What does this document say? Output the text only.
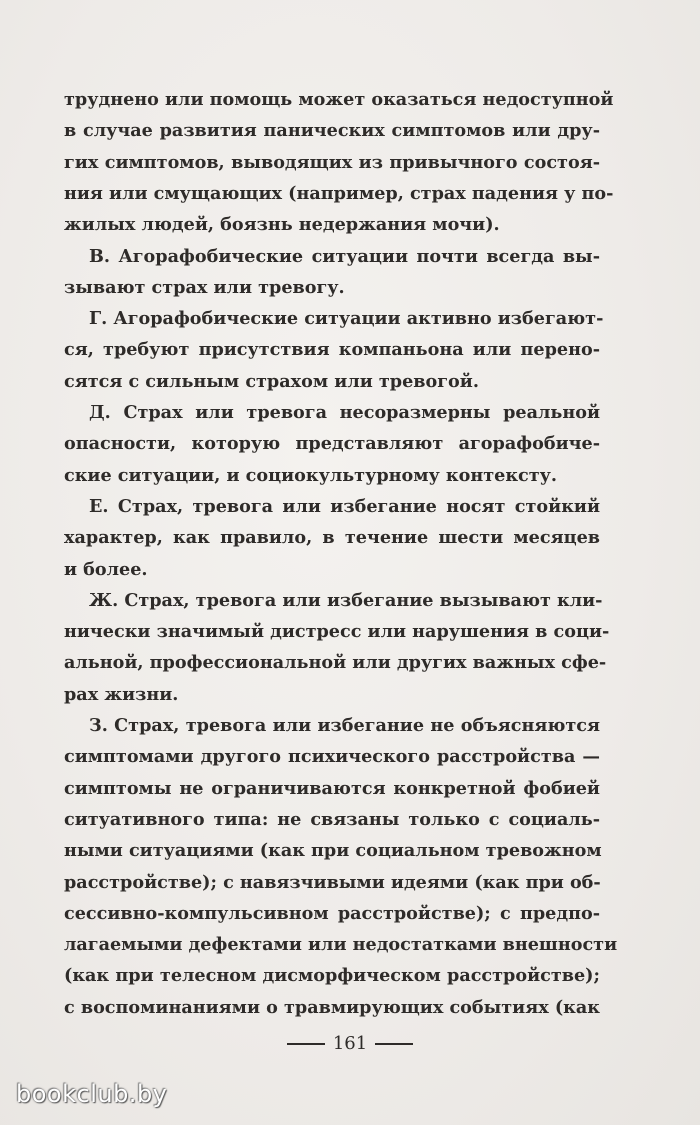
труднено или помощь может оказаться недоступной
в случае развития панических симптомов или дру-
гих симптомов, выводящих из привычного состоя-
ния или смущающих (например, страх падения у по-
жилых людей, боязнь недержания мочи).
В. Агорафобические ситуации почти всегда вы-
зывают страх или тревогу.
Г. Агорафобические ситуации активно избегают-
ся, требуют присутствия компаньона или перено-
сятся с сильным страхом или тревогой.
Д. Страх или тревога несоразмерны реальной
опасности, которую представляют агорафобиче-
ские ситуации, и социокультурному контексту.
Е. Страх, тревога или избегание носят стойкий
характер, как правило, в течение шести месяцев
и более.
Ж. Страх, тревога или избегание вызывают кли-
нически значимый дистресс или нарушения в соци-
альной, профессиональной или других важных сфе-
рах жизни.
З. Страх, тревога или избегание не объясняются
симптомами другого психического расстройства —
симптомы не ограничиваются конкретной фобией
ситуативного типа: не связаны только с социаль-
ными ситуациями (как при социальном тревожном
расстройстве); с навязчивыми идеями (как при об-
сессивно-компульсивном расстройстве); с предпо-
лагаемыми дефектами или недостатками внешности
(как при телесном дисморфическом расстройстве);
с воспоминаниями о травмирующих событиях (как
161
bookclub.by
